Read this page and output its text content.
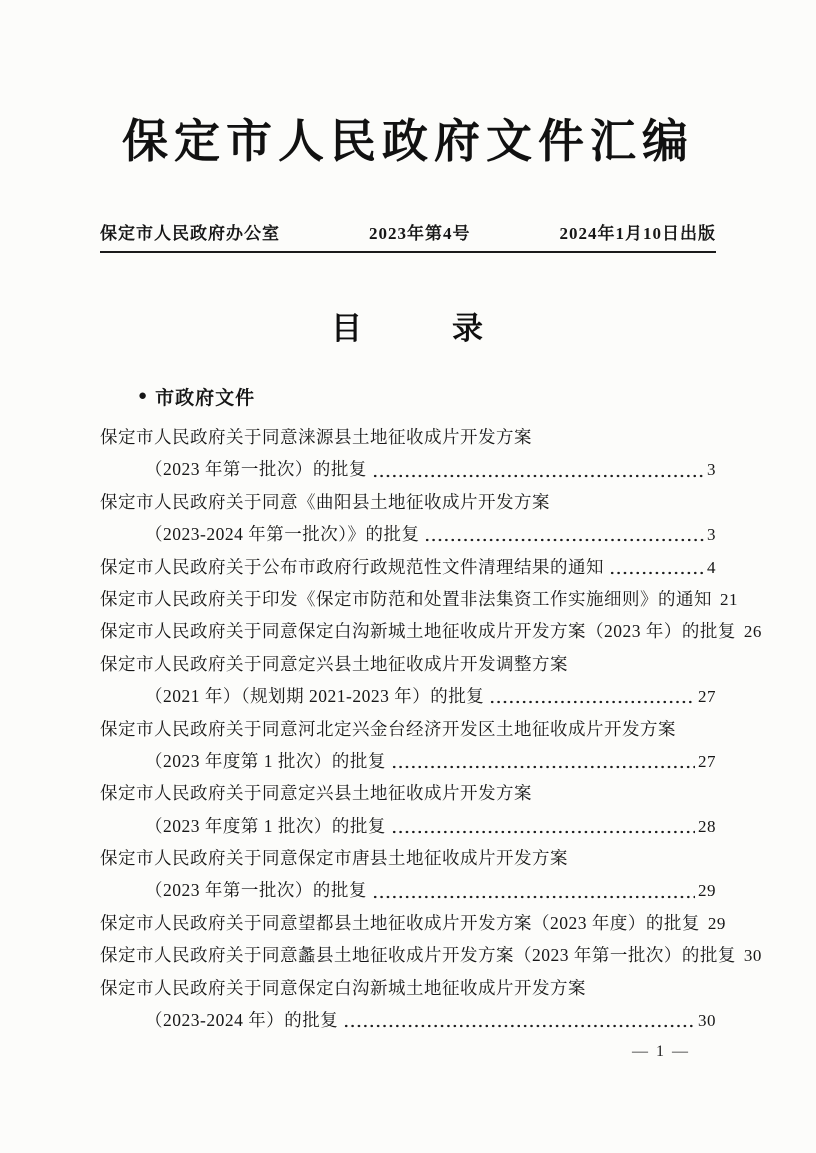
保定市人民政府文件汇编
保定市人民政府办公室	2023年第4号	2024年1月10日出版
目	录
● 市政府文件
保定市人民政府关于同意涞源县土地征收成片开发方案
（2023 年第一批次）的批复	3
保定市人民政府关于同意《曲阳县土地征收成片开发方案
（2023-2024 年第一批次）》的批复	3
保定市人民政府关于公布市政府行政规范性文件清理结果的通知	4
保定市人民政府关于印发《保定市防范和处置非法集资工作实施细则》的通知 21
保定市人民政府关于同意保定白沟新城土地征收成片开发方案（2023 年）的批复 26
保定市人民政府关于同意定兴县土地征收成片开发调整方案
（2021 年）（规划期 2021-2023 年）的批复	27
保定市人民政府关于同意河北定兴金台经济开发区土地征收成片开发方案
（2023 年度第 1 批次）的批复	27
保定市人民政府关于同意定兴县土地征收成片开发方案
（2023 年度第 1 批次）的批复	28
保定市人民政府关于同意保定市唐县土地征收成片开发方案
（2023 年第一批次）的批复	29
保定市人民政府关于同意望都县土地征收成片开发方案（2023 年度）的批复 29
保定市人民政府关于同意蠡县土地征收成片开发方案（2023 年第一批次）的批复 30
保定市人民政府关于同意保定白沟新城土地征收成片开发方案
（2023-2024 年）的批复	30
— 1 —
